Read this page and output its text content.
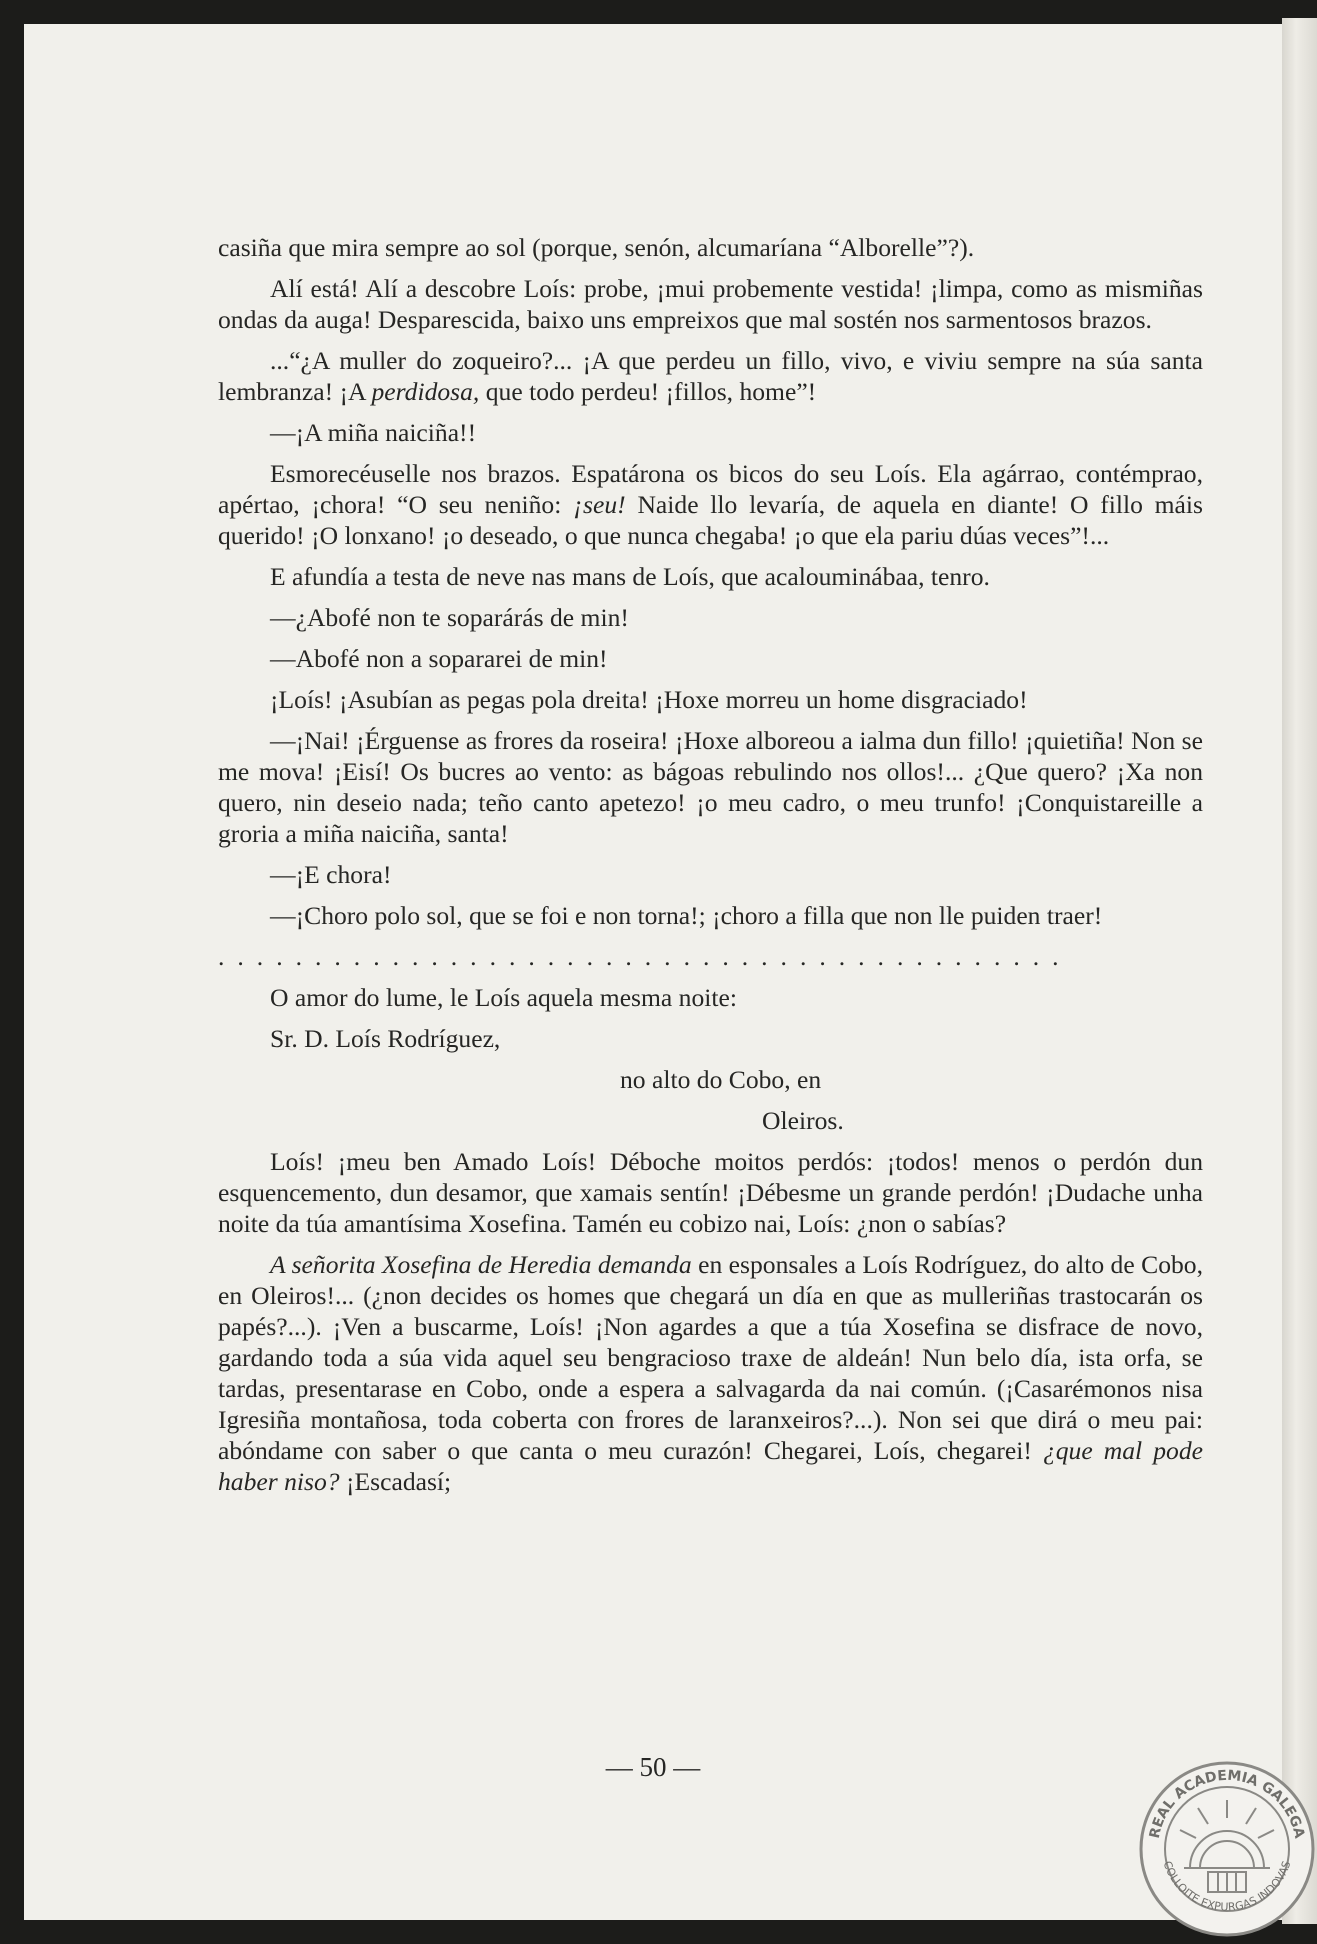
casiña que mira sempre ao sol (porque, senón, alcumaríana “Alborelle”?).

Alí está! Alí a descobre Loís: probe, ¡mui probemente vestida! ¡limpa, como as mismiñas ondas da auga! Desparescida, baixo uns empreixos que mal sostén nos sarmentosos brazos.

...“¿A muller do zoqueiro?... ¡A que perdeu un fillo, vivo, e viviu sempre na súa santa lembranza! ¡A perdidosa, que todo perdeu! ¡fillos, home”!

—¡A miña naiciña!!

Esmorecéuselle nos brazos. Espatárona os bicos do seu Loís. Ela agárrao, contémprao, apértao, ¡chora! “O seu neniño: ¡seu! Naide llo levaría, de aquela en diante! O fillo máis querido! ¡O lonxano! ¡o deseado, o que nunca chegaba! ¡o que ela pariu dúas veces”!...

E afundía a testa de neve nas mans de Loís, que acalouminábaa, tenro.

—¿Abofé non te soparárás de min!

—Abofé non a sopararei de min!

¡Loís! ¡Asubían as pegas pola dreita! ¡Hoxe morreu un home disgraciado!

—¡Nai! ¡Érguense as frores da roseira! ¡Hoxe alboreou a ialma dun fillo! ¡quietiña! Non se me mova! ¡Eisí! Os bucres ao vento: as bágoas rebulindo nos ollos!... ¿Que quero? ¡Xa non quero, nin deseio nada; teño canto apetezo! ¡o meu cadro, o meu trunfo! ¡Conquistareille a groria a miña naiciña, santa!

—¡E chora!

—¡Choro polo sol, que se foi e non torna!; ¡choro a filla que non lle puiden traer!

............................................

O amor do lume, le Loís aquela mesma noite:

Sr. D. Loís Rodríguez,

no alto do Cobo, en

Oleiros.

Loís! ¡meu ben Amado Loís! Déboche moitos perdós: ¡todos! menos o perdón dun esquencemento, dun desamor, que xamais sentín! ¡Débesme un grande perdón! ¡Dudache unha noite da túa amantísima Xosefina. Tamén eu cobizo nai, Loís: ¿non o sabías?

A señorita Xosefina de Heredia demanda en esponsales a Loís Rodríguez, do alto de Cobo, en Oleiros!... (¿non decides os homes que chegará un día en que as mulleriñas trastocarán os papés?...). ¡Ven a buscarme, Loís! ¡Non agardes a que a túa Xosefina se disfrace de novo, gardando toda a súa vida aquel seu bengracioso traxe de aldeán! Nun belo día, ista orfa, se tardas, presentarase en Cobo, onde a espera a salvagarda da nai común. (¡Casarémonos nisa Igresiña montañosa, toda coberta con frores de laranxeiros?...). Non sei que dirá o meu pai: abóndame con saber o que canta o meu curazón! Chegarei, Loís, chegarei! ¿que mal pode haber niso? ¡Escadasí;

— 50 —
REAL ACADEMIA GALEGA
COLLOITE EXPURGAS INDOVAS
